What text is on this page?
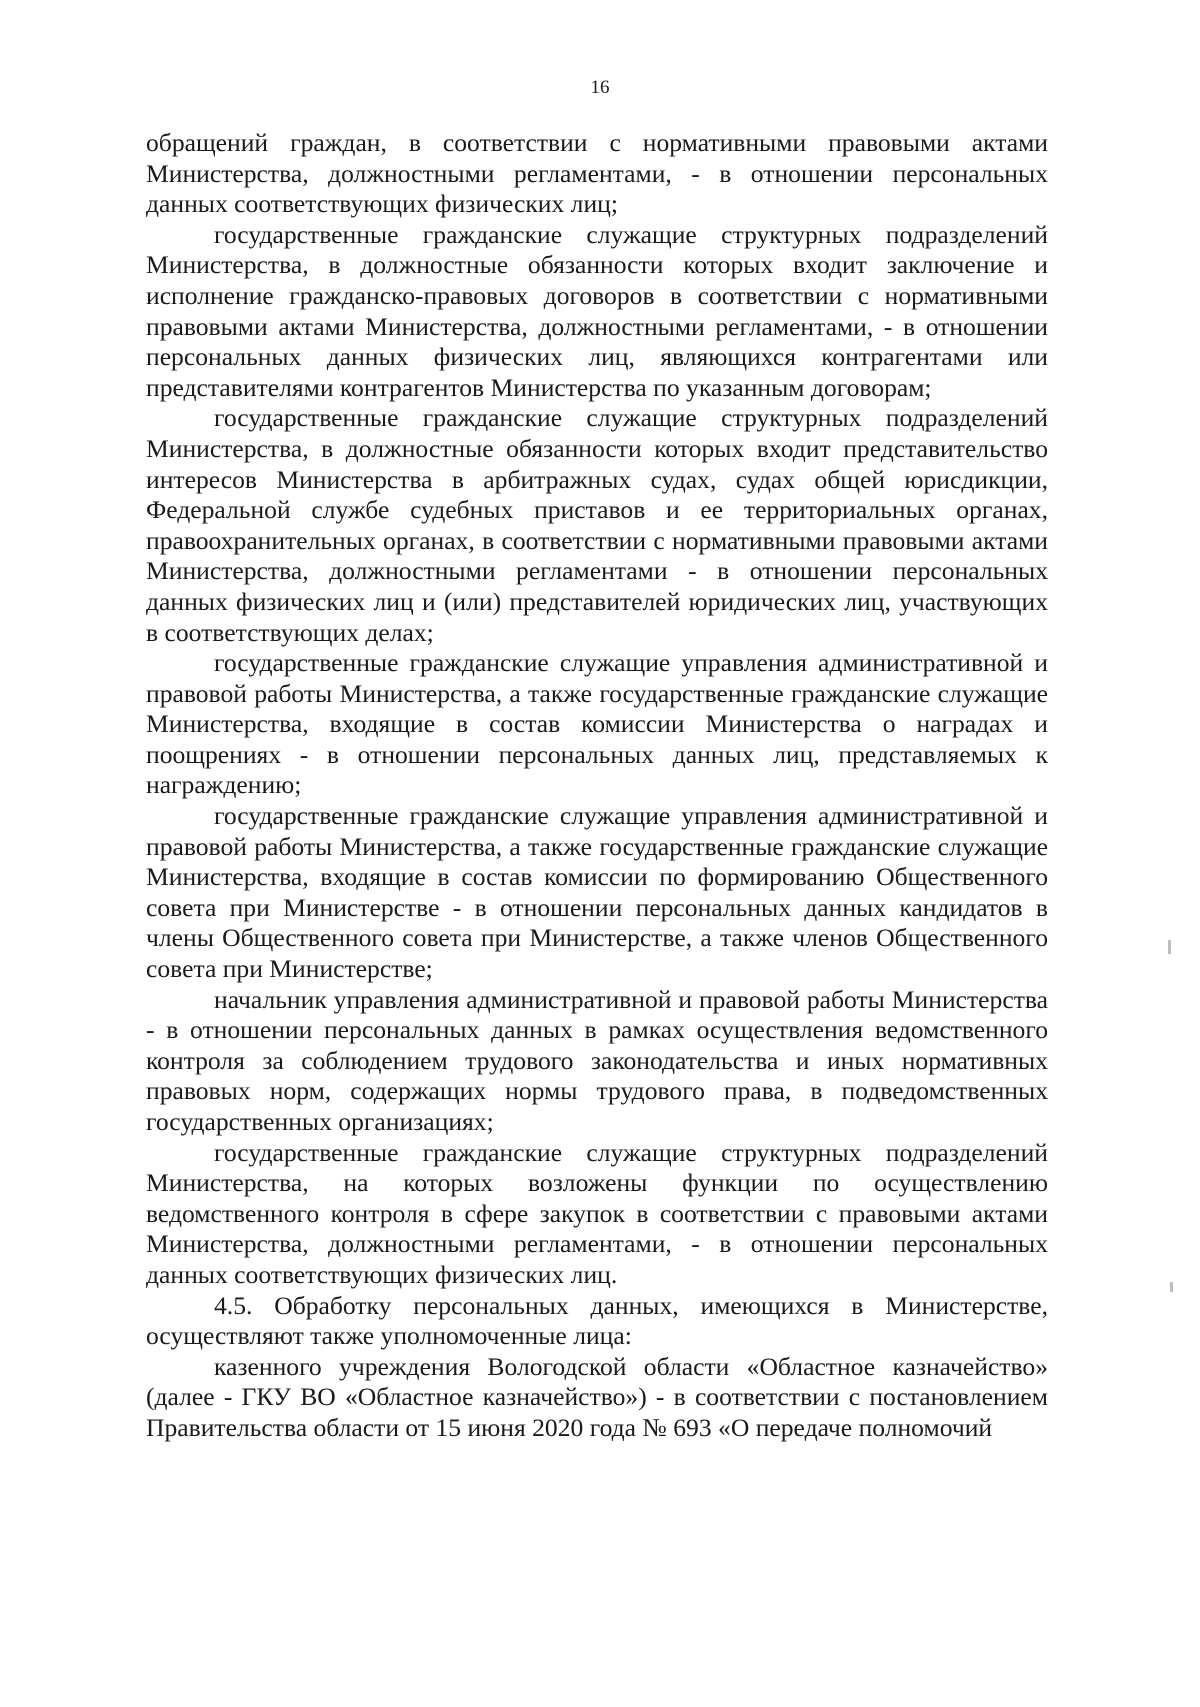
16

обращений граждан, в соответствии с нормативными правовыми актами Министерства, должностными регламентами, - в отношении персональных данных соответствующих физических лиц;

государственные гражданские служащие структурных подразделений Министерства, в должностные обязанности которых входит заключение и исполнение гражданско-правовых договоров в соответствии с нормативными правовыми актами Министерства, должностными регламентами, - в отношении персональных данных физических лиц, являющихся контрагентами или представителями контрагентов Министерства по указанным договорам;

государственные гражданские служащие структурных подразделений Министерства, в должностные обязанности которых входит представительство интересов Министерства в арбитражных судах, судах общей юрисдикции, Федеральной службе судебных приставов и ее территориальных органах, правоохранительных органах, в соответствии с нормативными правовыми актами Министерства, должностными регламентами - в отношении персональных данных физических лиц и (или) представителей юридических лиц, участвующих в соответствующих делах;

государственные гражданские служащие управления административной и правовой работы Министерства, а также государственные гражданские служащие Министерства, входящие в состав комиссии Министерства о наградах и поощрениях - в отношении персональных данных лиц, представляемых к награждению;

государственные гражданские служащие управления административной и правовой работы Министерства, а также государственные гражданские служащие Министерства, входящие в состав комиссии по формированию Общественного совета при Министерстве - в отношении персональных данных кандидатов в члены Общественного совета при Министерстве, а также членов Общественного совета при Министерстве;

начальник управления административной и правовой работы Министерства - в отношении персональных данных в рамках осуществления ведомственного контроля за соблюдением трудового законодательства и иных нормативных правовых норм, содержащих нормы трудового права, в подведомственных государственных организациях;

государственные гражданские служащие структурных подразделений Министерства, на которых возложены функции по осуществлению ведомственного контроля в сфере закупок в соответствии с правовыми актами Министерства, должностными регламентами, - в отношении персональных данных соответствующих физических лиц.

4.5. Обработку персональных данных, имеющихся в Министерстве, осуществляют также уполномоченные лица:

казенного учреждения Вологодской области «Областное казначейство» (далее - ГКУ ВО «Областное казначейство») - в соответствии с постановлением Правительства области от 15 июня 2020 года № 693 «О передаче полномочий
